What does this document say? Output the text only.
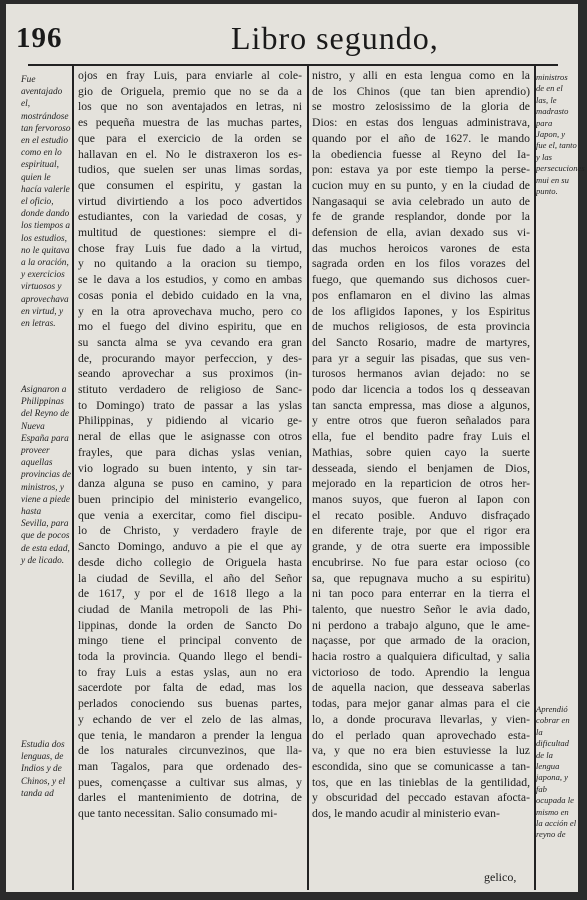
196	Libro segundo,
Fue aventajado el, mostrándose tan fervoroso en el estudio como en lo espiritual, quien le hacía valerle el oficio, donde dando los tiempos a los estudios, no le quitava a la oración, y exercicios virtuosos y aprovechava en virtud, y en letras.
Asignaron a Philippinas del Reyno de Nueva España para proveer aquellas provincias de ministros, y viene a piede hasta Sevilla, para que de pocos de esta edad, y de licado.
Estudia dos lenguas, de Indios y de Chinos, y el tanda ad
ministros de en el las, le madrasto para Japon, y fue el, tanto y las persecuciones mui en su punto.
Aprendió cobrar en la dificultad de la lengua japona, y fab ocupada le mismo en la acción el reyno de
ojos en fray Luis, para enviarle al cole-
gio de Origuela, premio que no se da a
los que no son aventajados en letras, ni
es pequeña muestra de las muchas partes,
que para el exercicio de la orden se
hallavan en el. No le distraxeron los es-
tudios, que suelen ser unas limas sordas,
que consumen el espiritu, y gastan la
virtud divirtiendo a los poco advertidos
estudiantes, con la variedad de cosas, y
multitud de questiones: siempre el di-
chose fray Luis fue dado a la virtud,
y no quitando a la oracion su tiempo,
se le dava a los estudios, y como en ambas
cosas ponia el debido cuidado en la vna,
y en la otra aprovechava mucho, pero co
mo el fuego del divino espiritu, que en
su sancta alma se yva cevando era gran
de, procurando mayor perfeccion, y des-
seando aprovechar a sus proximos (in-
stituto verdadero de religioso de Sanc-
to Domingo) trato de passar a las yslas
Philippinas, y pidiendo al vicario ge-
neral de ellas que le asignasse con otros
frayles, que para dichas yslas venian,
vio logrado su buen intento, y sin tar-
danza alguna se puso en camino, y para
buen principio del ministerio evangelico,
que venia a exercitar, como fiel discipu-
lo de Christo, y verdadero frayle de
Sancto Domingo, anduvo a pie el que ay
desde dicho collegio de Origuela hasta
la ciudad de Sevilla, el año del Señor
de 1617, y por el de 1618 llego a la
ciudad de Manila metropoli de las Phi-
lippinas, donde la orden de Sancto Do
mingo tiene el principal convento de
toda la provincia. Quando llego el bendi-
to fray Luis a estas yslas, aun no era
sacerdote por falta de edad, mas los
perlados conociendo sus buenas partes,
y echando de ver el zelo de las almas,
que tenia, le mandaron a prender la lengua
de los naturales circunvezinos, que lla-
man Tagalos, para que ordenado des-
pues, començasse a cultivar sus almas, y
darles el mantenimiento de dotrina, de
que tanto necessitan. Salio consumado mi-
nistro, y alli en esta lengua como en la
de los Chinos (que tan bien aprendio)
se mostro zelosissimo de la gloria de
Dios: en estas dos lenguas administrava,
quando por el año de 1627. le mando
la obediencia fuesse al Reyno del Ia-
pon: estava ya por este tiempo la perse-
cucion muy en su punto, y en la ciudad de
Nangasaqui se avia celebrado un auto de
fe de grande resplandor, donde por la
defension de ella, avian dexado sus vi-
das muchos heroicos varones de esta
sagrada orden en los filos vorazes del
fuego, que quemando sus dichosos cuer-
pos enflamaron en el divino las almas
de los afligidos Iapones, y los Espiritus
de muchos religiosos, de esta provincia
del Sancto Rosario, madre de martyres,
para yr a seguir las pisadas, que sus ven-
turosos hermanos avian dejado: no se
podo dar licencia a todos los q desseavan
tan sancta empressa, mas diose a algunos,
y entre otros que fueron señalados para
ella, fue el bendito padre fray Luis el
Mathias, sobre quien cayo la suerte
desseada, siendo el benjamen de Dios,
mejorado en la reparticion de otros her-
manos suyos, que fueron al Iapon con
el recato posible. Anduvo disfraçado
en diferente traje, por que el rigor era
grande, y de otra suerte era impossible
encubrirse. No fue para estar ocioso (co
sa, que repugnava mucho a su espiritu)
ni tan poco para enterrar en la tierra el
talento, que nuestro Señor le avia dado,
ni perdono a trabajo alguno, que le ame-
naçasse, por que armado de la oracion,
hacia rostro a qualquiera dificultad, y salia
victorioso de todo. Aprendio la lengua
de aquella nacion, que desseava saberlas
todas, para mejor ganar almas para el cie
lo, a donde procurava llevarlas, y vien-
do el perlado quan aprovechado esta-
va, y que no era bien estuviesse la luz
escondida, sino que se comunicasse a tan-
tos, que en las tinieblas de la gentilidad,
y obscuridad del peccado estavan afocta-
dos, le mando acudir al ministerio evan-
gelico,
